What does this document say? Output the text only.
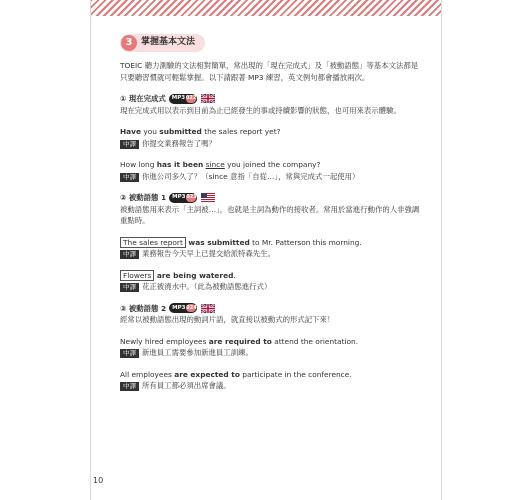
3 掌握基本文法

TOEIC 聽力測驗的文法相對簡單，常出現的「現在完成式」及「被動語態」等基本文法都是只要聽習慣就可輕鬆掌握。以下請跟著 MP3 練習，英文例句都會播放兩次。

① 現在完成式 MP3 022

現在完成式用以表示到目前為止已經發生的事或持續影響的狀態，也可用來表示體驗。

Have you submitted the sales report yet?

中譯 你提交業務報告了嗎？

How long has it been since you joined the company?

中譯 你進公司多久了？（since 意指「自從…」，常與完成式一起使用）

② 被動語態 1 MP3 023

被動語態用來表示「主詞被…」，也就是主詞為動作的接收者。常用於當進行動作的人非強調重點時。

The sales report was submitted to Mr. Patterson this morning.

中譯 業務報告今天早上已提交給派特森先生。

Flowers are being watered.

中譯 花正被澆水中。（此為被動語態進行式）

③ 被動語態 2 MP3 024

經常以被動語態出現的動詞片語，就直接以被動式的形式記下來！

Newly hired employees are required to attend the orientation.

中譯 新進員工需要參加新進員工訓練。

All employees are expected to participate in the conference.

中譯 所有員工都必須出席會議。

10
